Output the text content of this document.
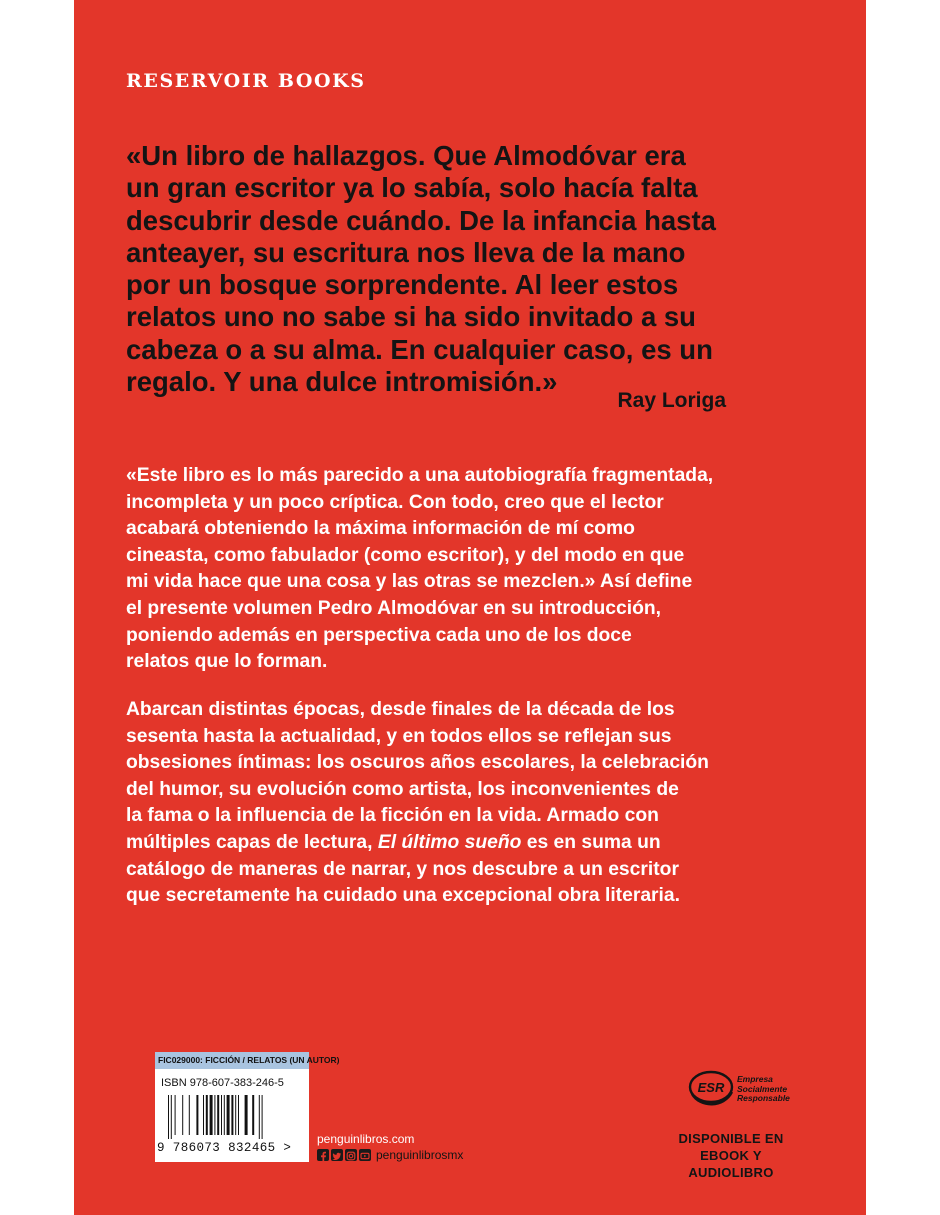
RESERVOIR BOOKS

«Un libro de hallazgos. Que Almodóvar era
un gran escritor ya lo sabía, solo hacía falta
descubrir desde cuándo. De la infancia hasta
anteayer, su escritura nos lleva de la mano
por un bosque sorprendente. Al leer estos
relatos uno no sabe si ha sido invitado a su
cabeza o a su alma. En cualquier caso, es un
regalo. Y una dulce intromisión.»

Ray Loriga

«Este libro es lo más parecido a una autobiografía fragmentada,
incompleta y un poco críptica. Con todo, creo que el lector
acabará obteniendo la máxima información de mí como
cineasta, como fabulador (como escritor), y del modo en que
mi vida hace que una cosa y las otras se mezclen.» Así define
el presente volumen Pedro Almodóvar en su introducción,
poniendo además en perspectiva cada uno de los doce
relatos que lo forman.

Abarcan distintas épocas, desde finales de la década de los
sesenta hasta la actualidad, y en todos ellos se reflejan sus
obsesiones íntimas: los oscuros años escolares, la celebración
del humor, su evolución como artista, los inconvenientes de
la fama o la influencia de la ficción en la vida. Armado con
múltiples capas de lectura, El último sueño es en suma un
catálogo de maneras de narrar, y nos descubre a un escritor
que secretamente ha cuidado una excepcional obra literaria.

FIC029000: FICCIÓN / RELATOS (UN AUTOR)
ISBN 978-607-383-246-5
9 786073 832465 >
penguinlibros.com
penguinlibrosmx
ESR
Empresa
Socialmente
Responsable
DISPONIBLE EN
EBOOK Y AUDIOLIBRO
